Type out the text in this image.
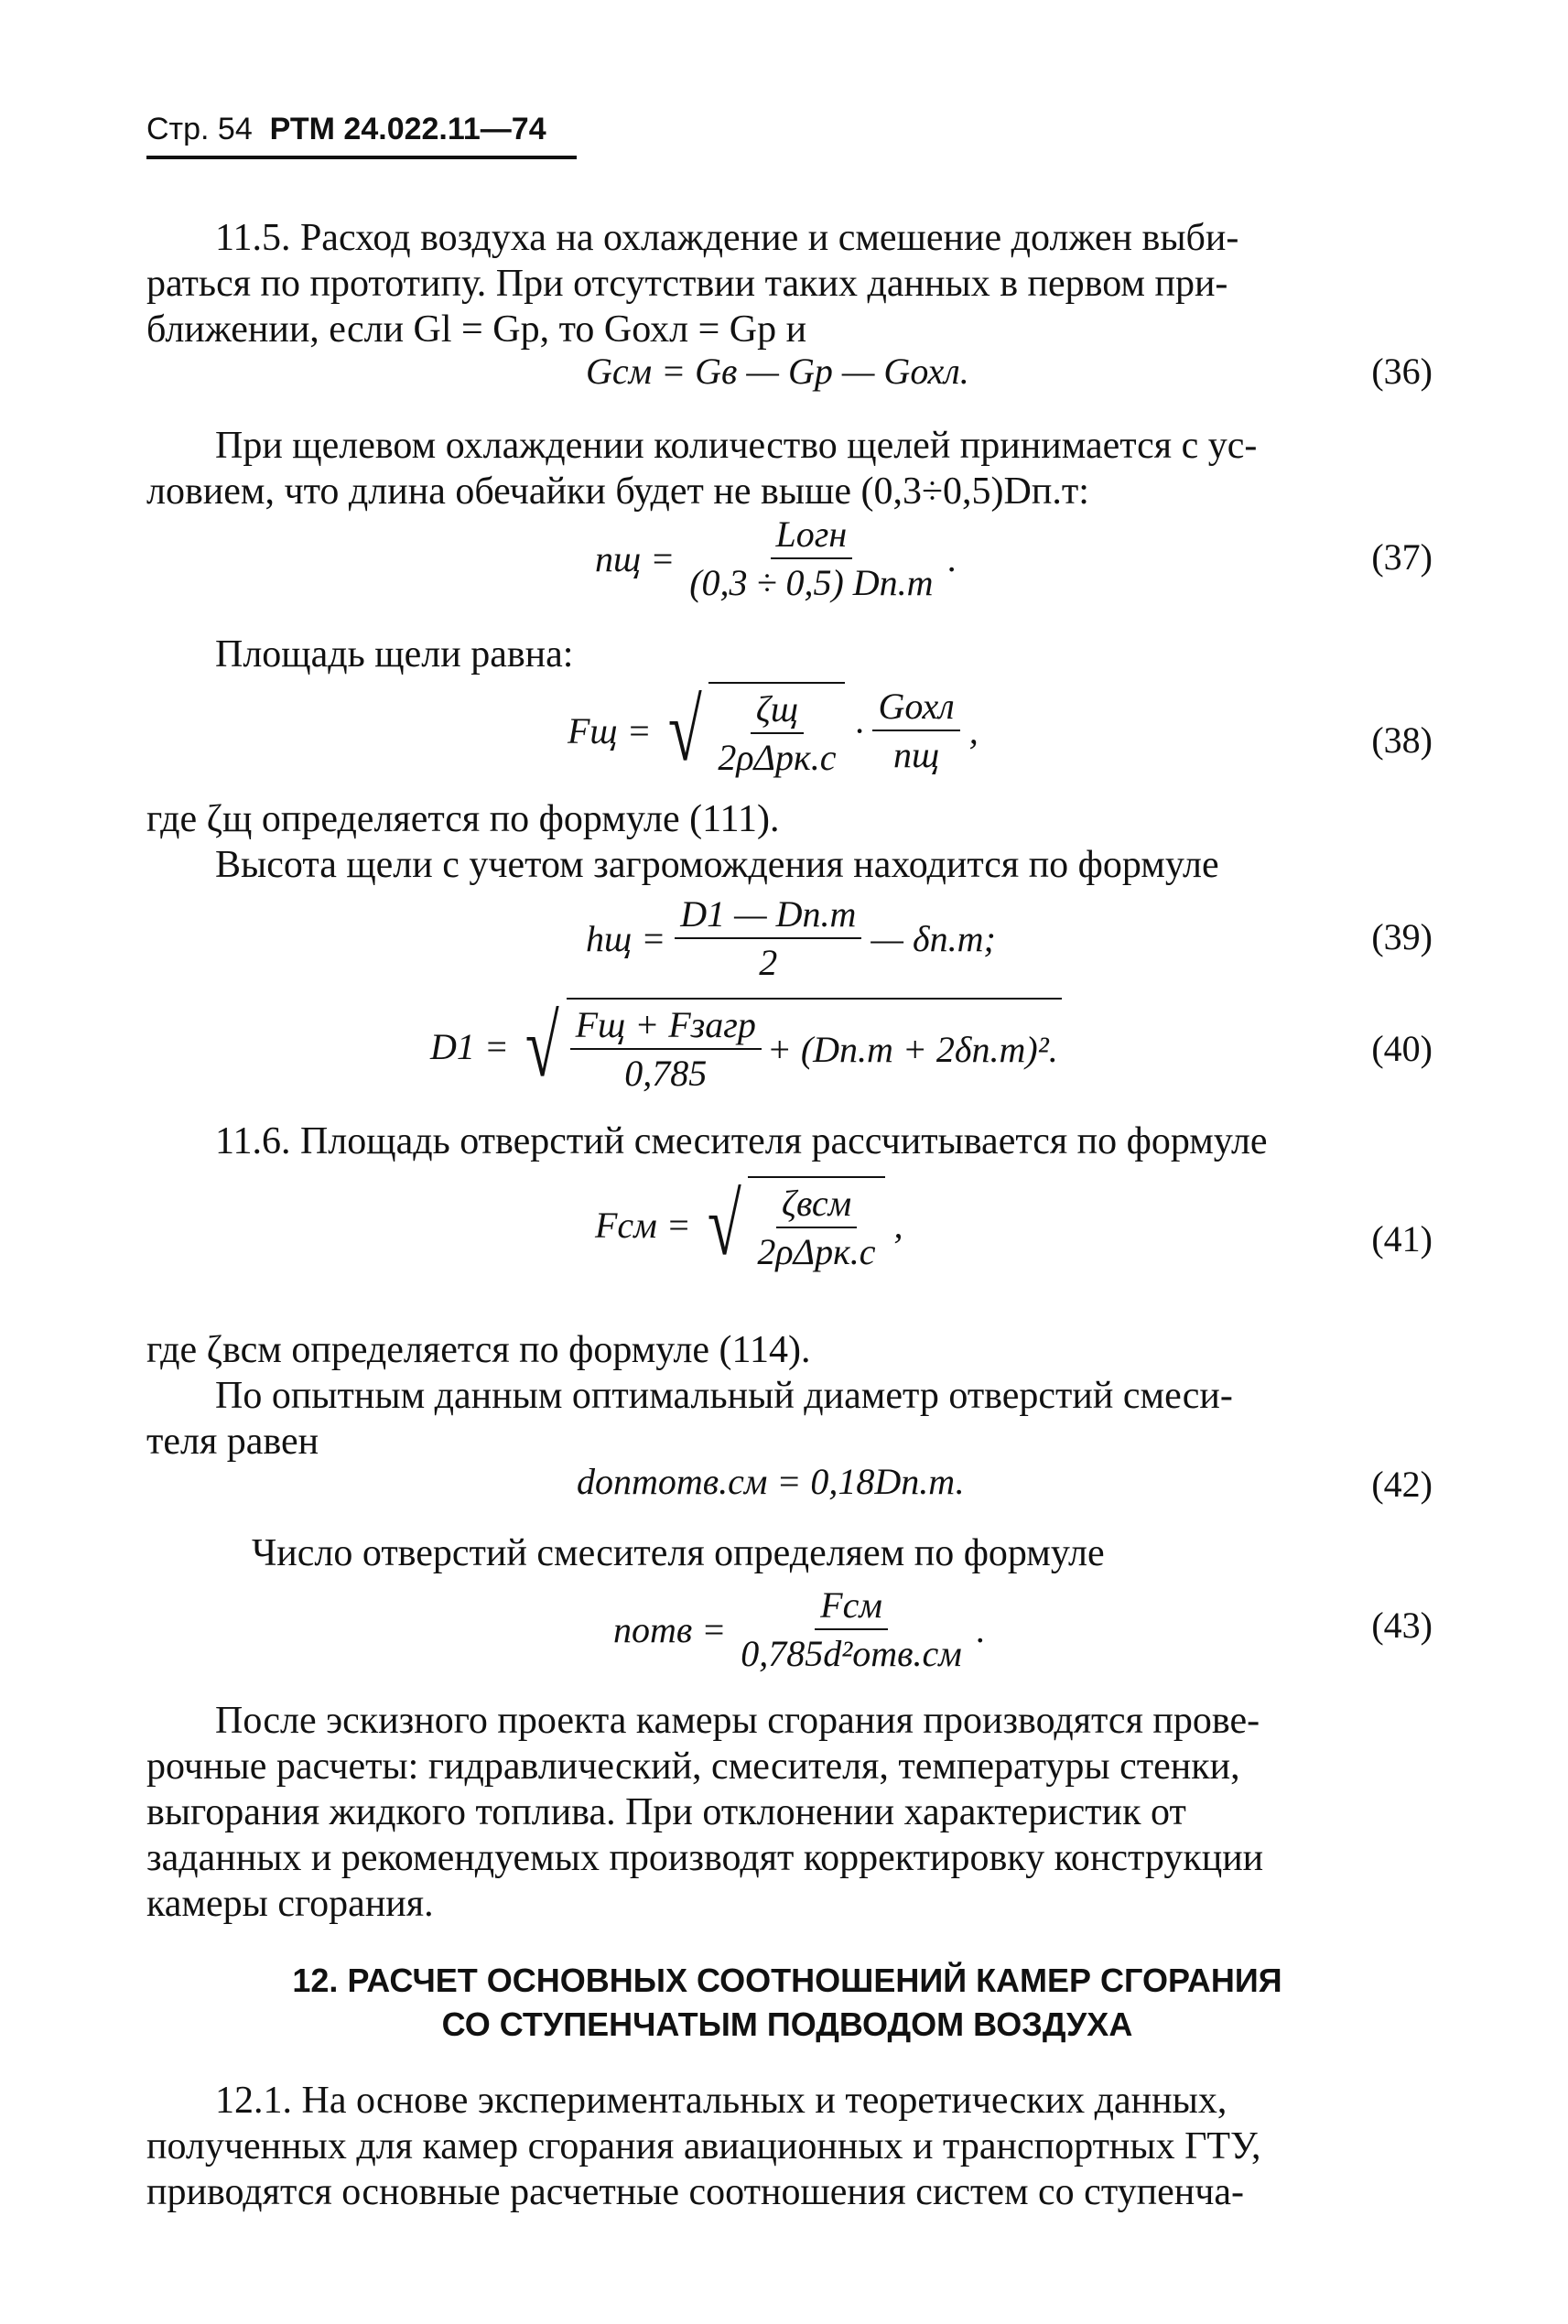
Стр. 54 РТМ 24.022.11—74
11.5. Расход воздуха на охлаждение и смешение должен выби-
раться по прототипу. При отсутствии таких данных в первом при-
ближении, если Gl = Gр, то Gохл = Gр и
Gсм = Gв — Gр — Gохл.	(36)
При щелевом охлаждении количество щелей принимается с ус-
ловием, что длина обечайки будет не выше (0,3÷0,5)Dп.т:
nщ = $\frac{\text{Lогн}}{(0,3 \div 0,5) Dп.т}$ .	(37)
Площадь щели равна:
Fщ = √ $\frac{\zeta щ}{\text{2ρΔpк.с}} \cdot \frac{\text{Gохл}}{nщ}$ ,	(38)
где ζщ определяется по формуле (111).
Высота щели с учетом загромождения находится по формуле
hщ = $\frac{D1 — Dп.т}{2}$ — δп.т;	(39)
D1 = √ $\frac{\text{Fщ + Fзагр}}{0,785} + (Dп.т + 2\delta п.т)^2$.	(40)
11.6. Площадь отверстий смесителя рассчитывается по формуле
Fсм = √ $\frac{\text{ζвсм}}{\text{2ρΔpк.с}}$ ,	(41)
где ζвсм определяется по формуле (114).
По опытным данным оптимальный диаметр отверстий смеси-
теля равен
dоптотв.см = 0,18Dп.т.	(42)
Число отверстий смесителя определяем по формуле
nотв = $\frac{\text{Fсм}}{\text{0,785d²отв.см}}$ .	(43)
После эскизного проекта камеры сгорания производятся прове-
рочные расчеты: гидравлический, смесителя, температуры стенки,
выгорания жидкого топлива. При отклонении характеристик от
заданных и рекомендуемых производят корректировку конструкции
камеры сгорания.
12. РАСЧЕТ ОСНОВНЫХ СООТНОШЕНИЙ КАМЕР СГОРАНИЯ
СО СТУПЕНЧАТЫМ ПОДВОДОМ ВОЗДУХА
12.1. На основе экспериментальных и теоретических данных,
полученных для камер сгорания авиационных и транспортных ГТУ,
приводятся основные расчетные соотношения систем со ступенча-
